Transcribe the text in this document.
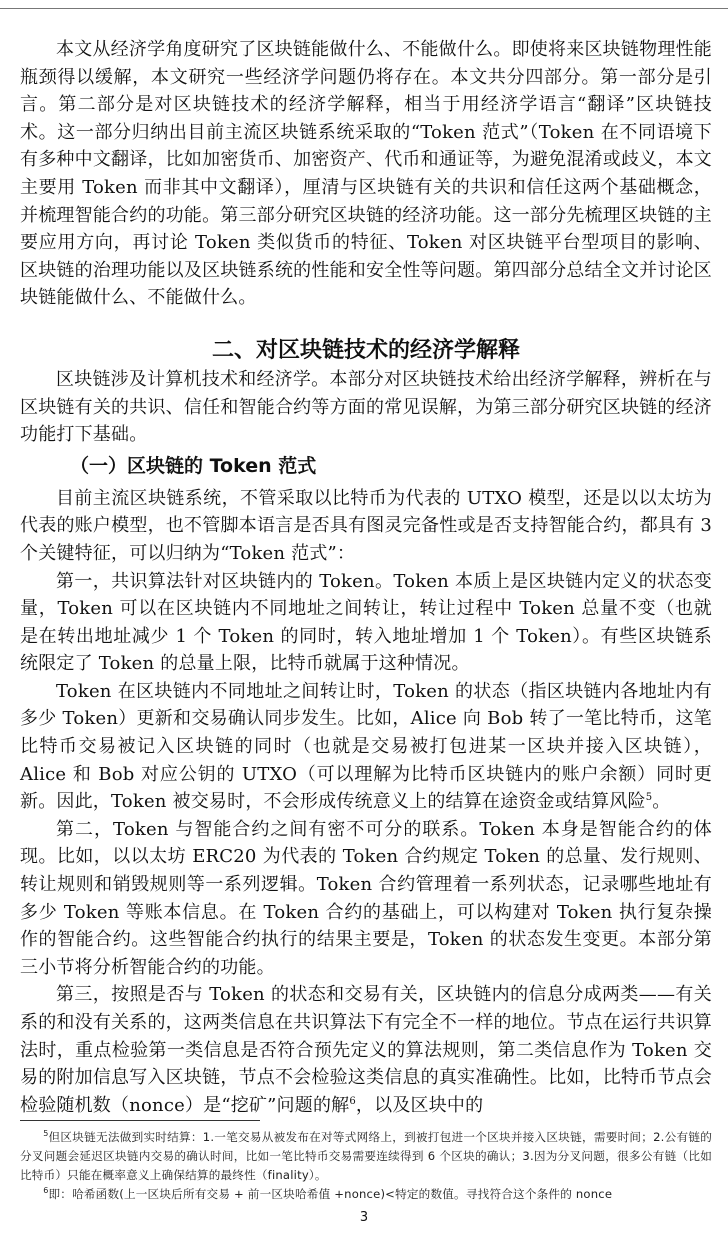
本文从经济学角度研究了区块链能做什么、不能做什么。即使将来区块链物理性能瓶颈得以缓解，本文研究一些经济学问题仍将存在。本文共分四部分。第一部分是引言。第二部分是对区块链技术的经济学解释，相当于用经济学语言“翻译”区块链技术。这一部分归纳出目前主流区块链系统采取的“Token 范式”（Token 在不同语境下有多种中文翻译，比如加密货币、加密资产、代币和通证等，为避免混淆或歧义，本文主要用 Token 而非其中文翻译），厘清与区块链有关的共识和信任这两个基础概念，并梳理智能合约的功能。第三部分研究区块链的经济功能。这一部分先梳理区块链的主要应用方向，再讨论 Token 类似货币的特征、Token 对区块链平台型项目的影响、区块链的治理功能以及区块链系统的性能和安全性等问题。第四部分总结全文并讨论区块链能做什么、不能做什么。

二、对区块链技术的经济学解释

区块链涉及计算机技术和经济学。本部分对区块链技术给出经济学解释，辨析在与区块链有关的共识、信任和智能合约等方面的常见误解，为第三部分研究区块链的经济功能打下基础。

（一）区块链的 Token 范式

目前主流区块链系统，不管采取以比特币为代表的 UTXO 模型，还是以以太坊为代表的账户模型，也不管脚本语言是否具有图灵完备性或是否支持智能合约，都具有 3 个关键特征，可以归纳为“Token 范式”：

第一，共识算法针对区块链内的 Token。Token 本质上是区块链内定义的状态变量，Token 可以在区块链内不同地址之间转让，转让过程中 Token 总量不变（也就是在转出地址减少 1 个 Token 的同时，转入地址增加 1 个 Token）。有些区块链系统限定了 Token 的总量上限，比特币就属于这种情况。

Token 在区块链内不同地址之间转让时，Token 的状态（指区块链内各地址内有多少 Token）更新和交易确认同步发生。比如，Alice 向 Bob 转了一笔比特币，这笔比特币交易被记入区块链的同时（也就是交易被打包进某一区块并接入区块链），Alice 和 Bob 对应公钥的 UTXO（可以理解为比特币区块链内的账户余额）同时更新。因此，Token 被交易时，不会形成传统意义上的结算在途资金或结算风险$^5$。

第二，Token 与智能合约之间有密不可分的联系。Token 本身是智能合约的体现。比如，以以太坊 ERC20 为代表的 Token 合约规定 Token 的总量、发行规则、转让规则和销毁规则等一系列逻辑。Token 合约管理着一系列状态，记录哪些地址有多少 Token 等账本信息。在 Token 合约的基础上，可以构建对 Token 执行复杂操作的智能合约。这些智能合约执行的结果主要是，Token 的状态发生变更。本部分第三小节将分析智能合约的功能。

第三，按照是否与 Token 的状态和交易有关，区块链内的信息分成两类——有关系的和没有关系的，这两类信息在共识算法下有完全不一样的地位。节点在运行共识算法时，重点检验第一类信息是否符合预先定义的算法规则，第二类信息作为 Token 交易的附加信息写入区块链，节点不会检验这类信息的真实准确性。比如，比特币节点会检验随机数（nonce）是“挖矿”问题的解$^6$，以及区块中的

$^5$但区块链无法做到实时结算：1.一笔交易从被发布在对等式网络上，到被打包进一个区块并接入区块链，需要时间；2.公有链的分叉问题会延迟区块链内交易的确认时间，比如一笔比特币交易需要连续得到 6 个区块的确认；3.因为分叉问题，很多公有链（比如比特币）只能在概率意义上确保结算的最终性（finality）。

$^6$即：哈希函数(上一区块后所有交易 + 前一区块哈希值 +nonce)<特定的数值。寻找符合这个条件的 nonce

3
